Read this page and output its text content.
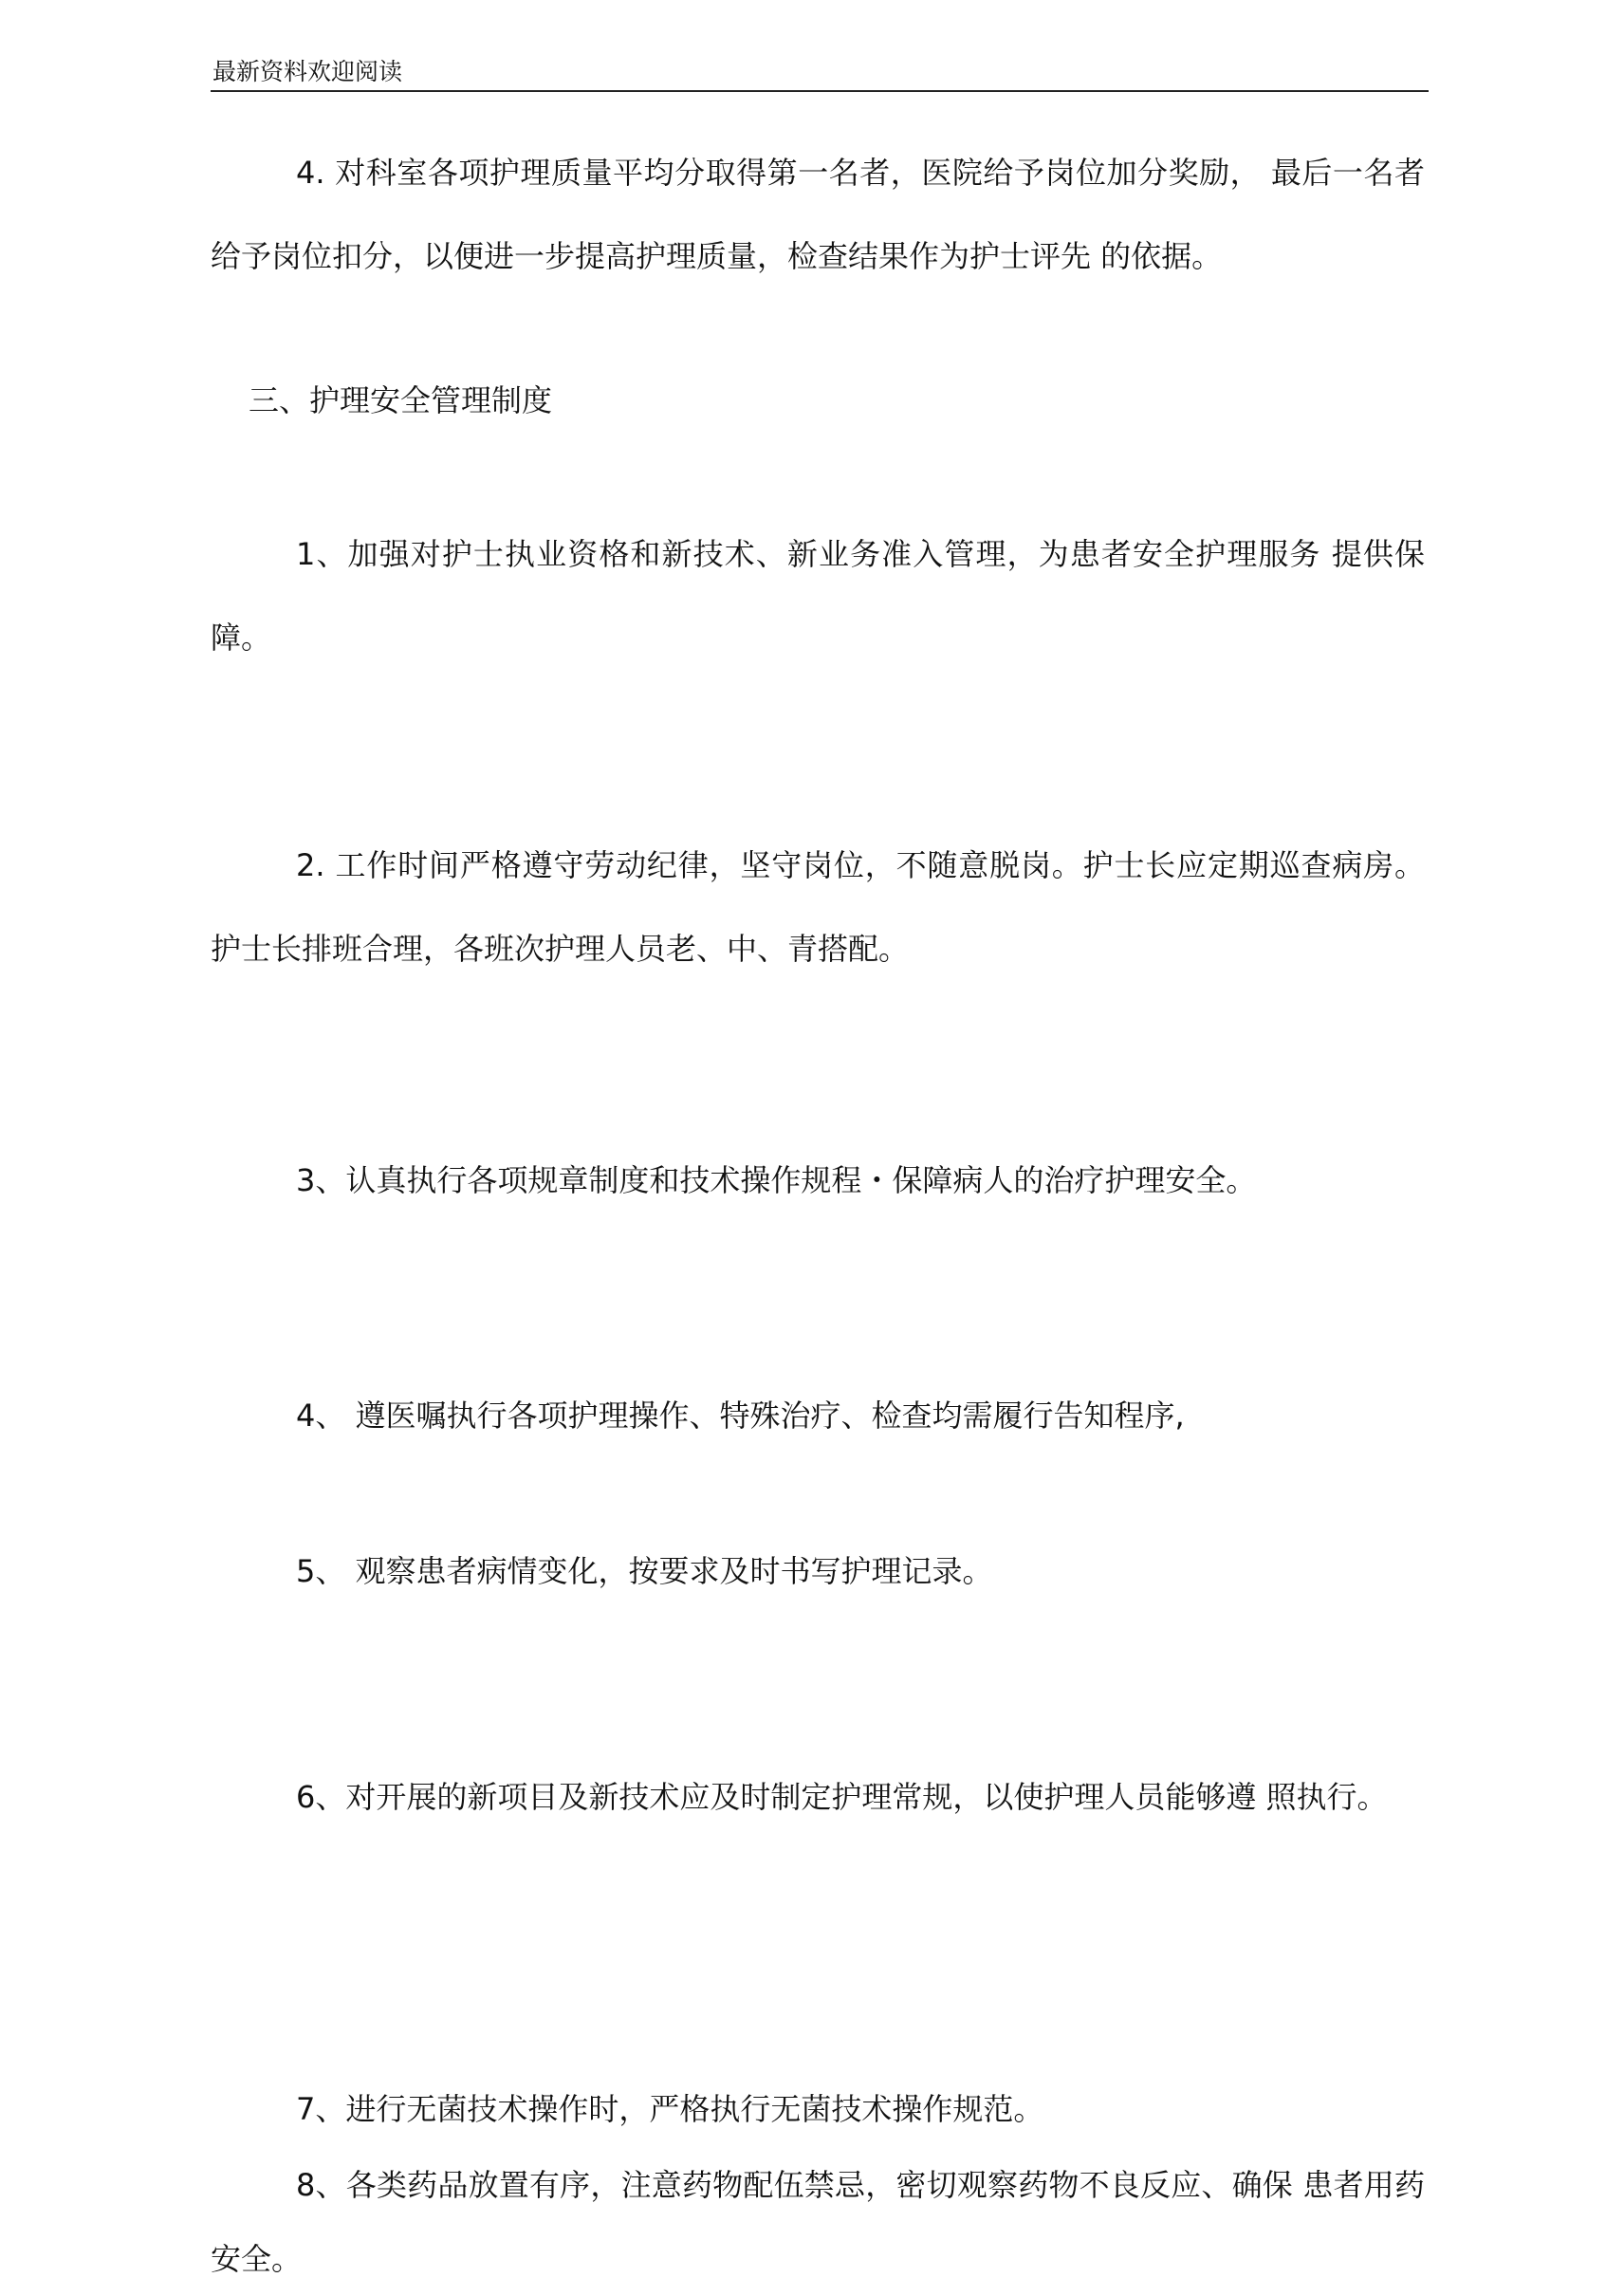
最新资料欢迎阅读

4. 对科室各项护理质量平均分取得第一名者，医院给予岗位加分奖励， 最后一名者给予岗位扣分，以便进一步提高护理质量，检查结果作为护士评先 的依据。

三、护理安全管理制度

1、加强对护士执业资格和新技术、新业务准入管理，为患者安全护理服务 提供保障。

2. 工作时间严格遵守劳动纪律，坚守岗位，不随意脱岗。护士长应定期巡查病房。护士长排班合理，各班次护理人员老、中、青搭配。

3、认真执行各项规章制度和技术操作规程・保障病人的治疗护理安全。

4、 遵医嘱执行各项护理操作、特殊治疗、检查均需履行告知程序,

5、 观察患者病情变化，按要求及时书写护理记录。

6、对开展的新项目及新技术应及时制定护理常规，以使护理人员能够遵 照执行。

7、进行无菌技术操作时，严格执行无菌技术操作规范。

8、各类药品放置有序，注意药物配伍禁忌，密切观察药物不良反应、确保 患者用药安全。
